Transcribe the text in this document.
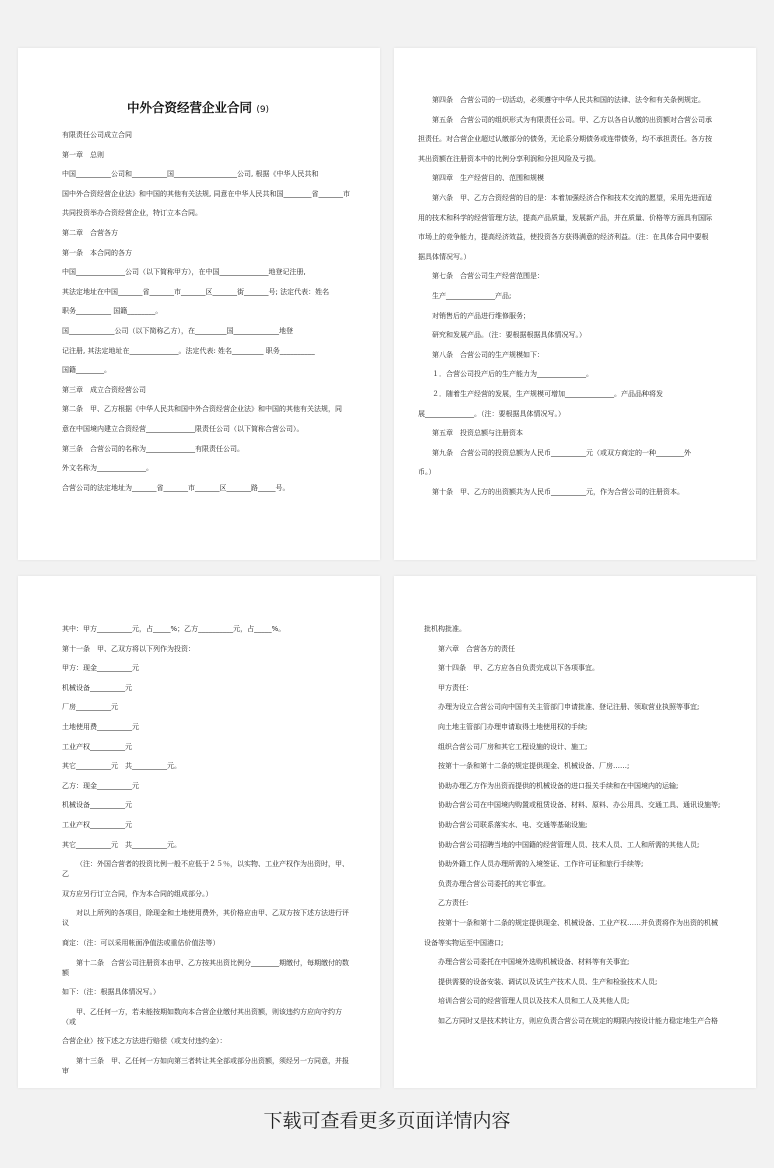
中外合资经营企业合同 (9)
有限责任公司成立合同
第一章　总则
中国__________公司和__________国__________________公司, 根据《中华人民共和
国中外合资经营企业法》和中国的其他有关法规, 同意在中华人民共和国________省_______市
共同投资举办合资经营企业，特订立本合同。
第二章　合营各方
第一条　本合同的各方
中国______________公司（以下简称甲方），在中国______________地登记注册,
其法定地址在中国_______省_______市_______区_______街_______号; 法定代表：姓名
职务__________ 国籍________。
国_____________公司（以下简称乙方），在_________国_____________地登
记注册, 其法定地址在______________。法定代表: 姓名_________ 职务__________
国籍________。
第三章　成立合资经营公司
第二条　甲、乙方根据《中华人民共和国中外合资经营企业法》和中国的其他有关法规，同
意在中国境内建立合资经营______________限责任公司（以下简称合营公司）。
第三条　合营公司的名称为______________有限责任公司。
外文名称为______________。
合营公司的法定地址为_______省_______市_______区_______路_____号。
第四条　合营公司的一切活动，必须遵守中华人民共和国的法律、法令和有关条例规定。
第五条　合营公司的组织形式为有限责任公司。甲、乙方以各自认缴的出资额对合营公司承
担责任。对合营企业超过认缴部分的债务，无论系分期债务或连带债务，均不承担责任。各方按
其出资额在注册资本中的比例分享利润和分担风险及亏损。
第四章　生产经营目的、范围和规模
第六条　甲、乙方合资经营的目的是：本着加强经济合作和技术交流的愿望，采用先进而适
用的技术和科学的经营管理方法，提高产品质量，发展新产品，并在质量、价格等方面具有国际
市场上的竞争能力，提高经济效益，使投资各方获得满意的经济利益。（注：在具体合同中要根
据具体情况写。）
第七条　合营公司生产经营范围是：
生产______________产品;
对销售后的产品进行维修服务；
研究和发展产品。（注：要根据根据具体情况写。）
第八条　合营公司的生产规模如下：
１．合营公司投产后的生产能力为______________。
２．随着生产经营的发展，生产规模可增加______________。产品品种将发
展______________。（注：要根据具体情况写。）
第五章　投资总额与注册资本
第九条　合营公司的投资总额为人民币__________元（或双方商定的一种________外
币。）
第十条　甲、乙方的出资额共为人民币__________元，作为合营公司的注册资本。
其中：甲方__________元，占_____%；乙方__________元，占_____%。
第十一条　甲、乙双方将以下列作为投资：
甲方：现金__________元
机械设备__________元
厂房__________元
土地使用费__________元
工业产权__________元
其它__________元　共__________元。
乙方：现金__________元
机械设备__________元
工业产权__________元
其它__________元　共__________元。
（注：外国合营者的投资比例一般不应低于２５％，以实物、工业产权作为出资时，甲、乙
双方应另行订立合同，作为本合同的组成部分。）
对以上所列的各项目，除现金和土地使用费外，其价格应由甲、乙双方按下述方法进行评议
商定：（注：可以采用帐面净值法或重估价值法等）
第十二条　合营公司注册资本由甲、乙方按其出资比例分________期缴付，每期缴付的数额
如下：（注：根据具体情况写。）
甲、乙任何一方，若未能按期如数向本合营企业缴付其出资额，则该违约方应向守约方（或
合营企业）按下述之方法进行赔偿（或支付违约金）：
第十三条　甲、乙任何一方如向第三者转让其全部或部分出资额，须经另一方同意，并报审
批机构批准。
第六章　合营各方的责任
第十四条　甲、乙方应各自负责完成以下各项事宜。
甲方责任：
办理为设立合营公司向中国有关主管部门申请批准、登记注册、领取营业执照等事宜;
向土地主管部门办理申请取得土地使用权的手续;
组织合营公司厂房和其它工程设施的设计、施工;
按第十一条和第十二条的规定提供现金、机械设备、厂房……;
协助办理乙方作为出资而提供的机械设备的进口报关手续和在中国境内的运输;
协助合营公司在中国境内购置或租赁设备、材料、原料、办公用具、交通工具、通讯设施等;
协助合营公司联系落实水、电、交通等基础设施;
协助合营公司招聘当地的中国籍的经营管理人员、技术人员、工人和所需的其他人员;
协助外籍工作人员办理所需的入境签证、工作许可证和旅行手续等;
负责办理合营公司委托的其它事宜。
乙方责任:
按第十一条和第十二条的规定提供现金、机械设备、工业产权……并负责将作为出资的机械
设备等实物运至中国港口;
办理合营公司委托在中国境外选购机械设备、材料等有关事宜;
提供需要的设备安装、调试以及试生产技术人员、生产和检验技术人员;
培训合营公司的经营管理人员以及技术人员和工人及其他人员;
如乙方同时又是技术转让方，则应负责合营公司在规定的期限内按设计能力稳定地生产合格
下载可查看更多页面详情内容
